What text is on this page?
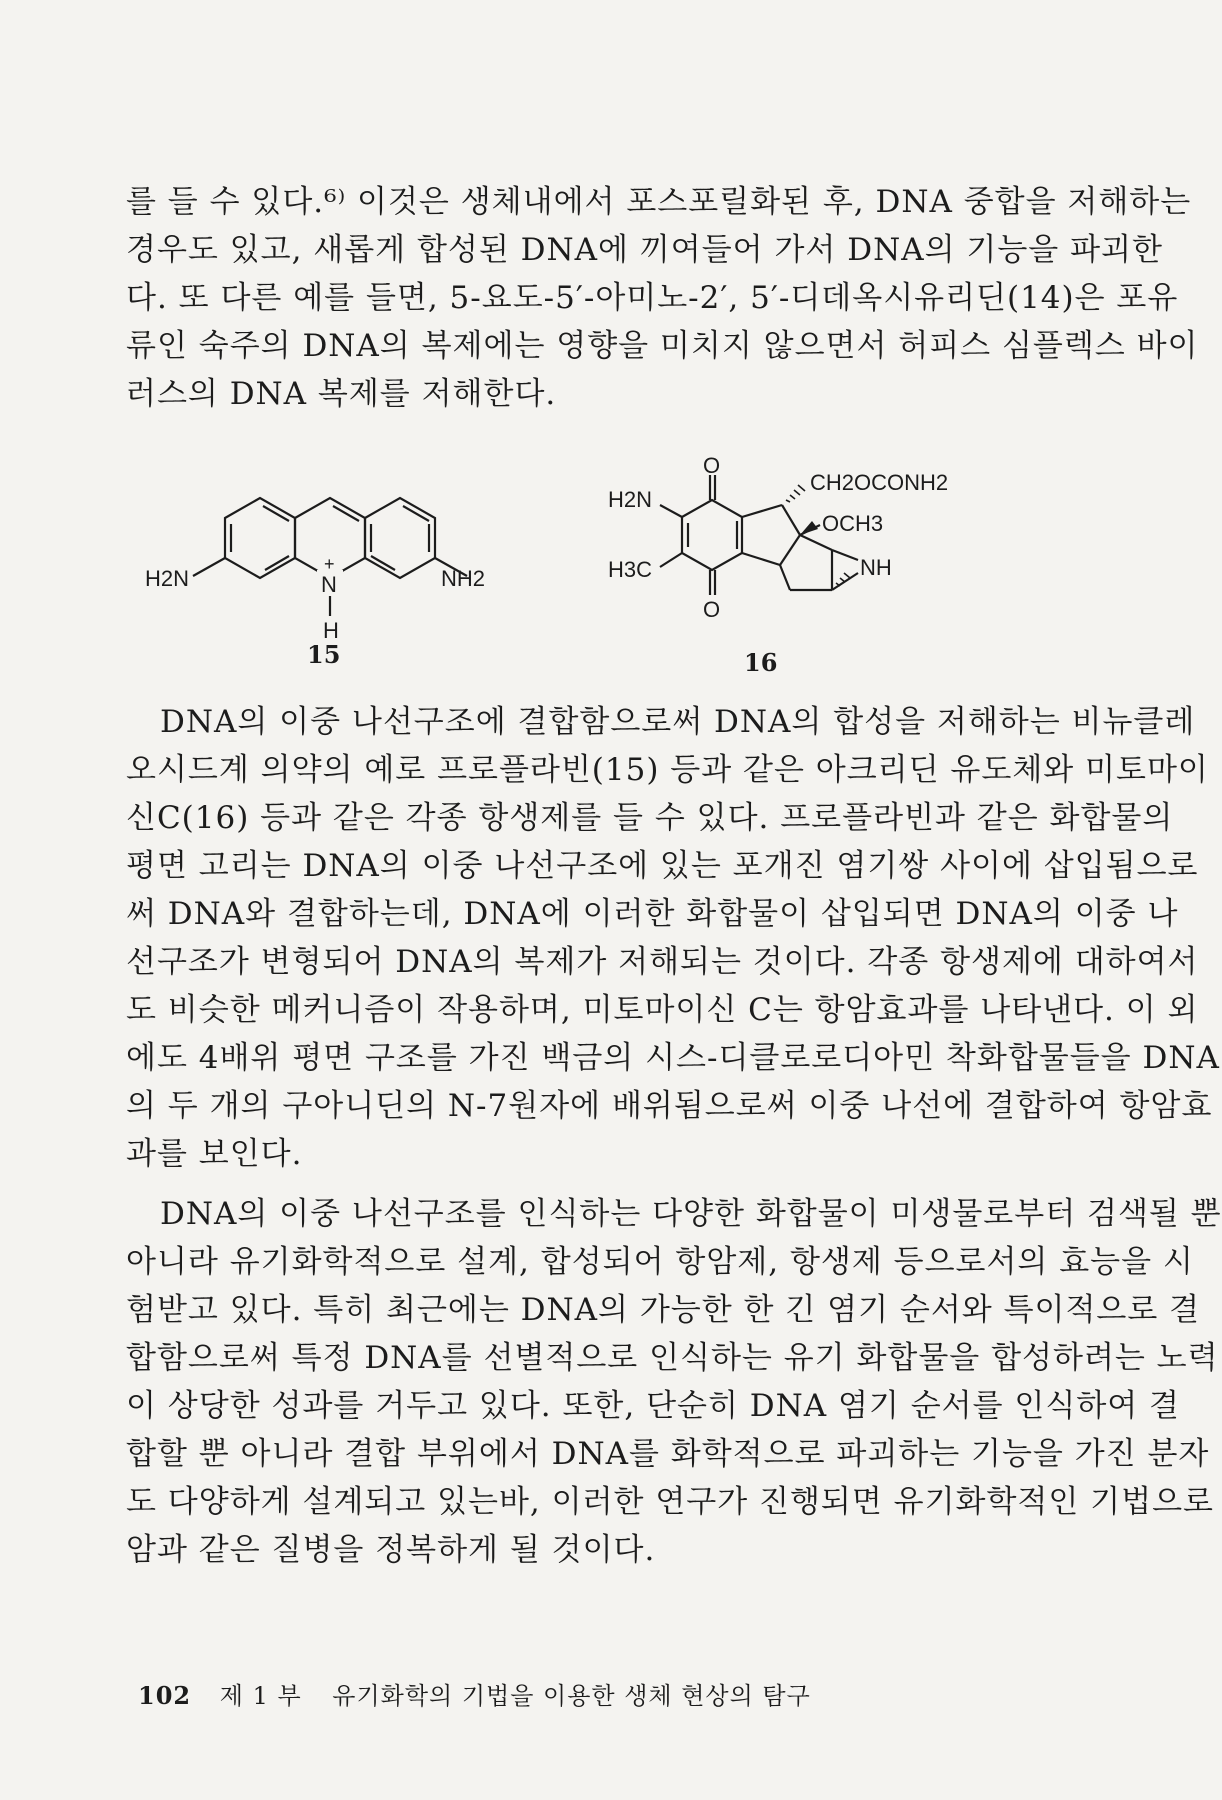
를 들 수 있다.⁶⁾ 이것은 생체내에서 포스포릴화된 후, DNA 중합을 저해하는
경우도 있고, 새롭게 합성된 DNA에 끼여들어 가서 DNA의 기능을 파괴한
다. 또 다른 예를 들면, 5-요도-5′-아미노-2′, 5′-디데옥시유리딘(14)은 포유
류인 숙주의 DNA의 복제에는 영향을 미치지 않으면서 허피스 심플렉스 바이
러스의 DNA 복제를 저해한다.

N
+
H
H2N	NH2
15
O
O
H2N
H3C
CH2OCONH2
OCH3
NH
16

DNA의 이중 나선구조에 결합함으로써 DNA의 합성을 저해하는 비뉴클레
오시드계 의약의 예로 프로플라빈(15) 등과 같은 아크리딘 유도체와 미토마이
신C(16) 등과 같은 각종 항생제를 들 수 있다. 프로플라빈과 같은 화합물의
평면 고리는 DNA의 이중 나선구조에 있는 포개진 염기쌍 사이에 삽입됨으로
써 DNA와 결합하는데, DNA에 이러한 화합물이 삽입되면 DNA의 이중 나
선구조가 변형되어 DNA의 복제가 저해되는 것이다. 각종 항생제에 대하여서
도 비슷한 메커니즘이 작용하며, 미토마이신 C는 항암효과를 나타낸다. 이 외
에도 4배위 평면 구조를 가진 백금의 시스-디클로로디아민 착화합물들을 DNA
의 두 개의 구아니딘의 N-7원자에 배위됨으로써 이중 나선에 결합하여 항암효
과를 보인다.

DNA의 이중 나선구조를 인식하는 다양한 화합물이 미생물로부터 검색될 뿐
아니라 유기화학적으로 설계, 합성되어 항암제, 항생제 등으로서의 효능을 시
험받고 있다. 특히 최근에는 DNA의 가능한 한 긴 염기 순서와 특이적으로 결
합함으로써 특정 DNA를 선별적으로 인식하는 유기 화합물을 합성하려는 노력
이 상당한 성과를 거두고 있다. 또한, 단순히 DNA 염기 순서를 인식하여 결
합할 뿐 아니라 결합 부위에서 DNA를 화학적으로 파괴하는 기능을 가진 분자
도 다양하게 설계되고 있는바, 이러한 연구가 진행되면 유기화학적인 기법으로
암과 같은 질병을 정복하게 될 것이다.

102 제 1 부 유기화학의 기법을 이용한 생체 현상의 탐구
